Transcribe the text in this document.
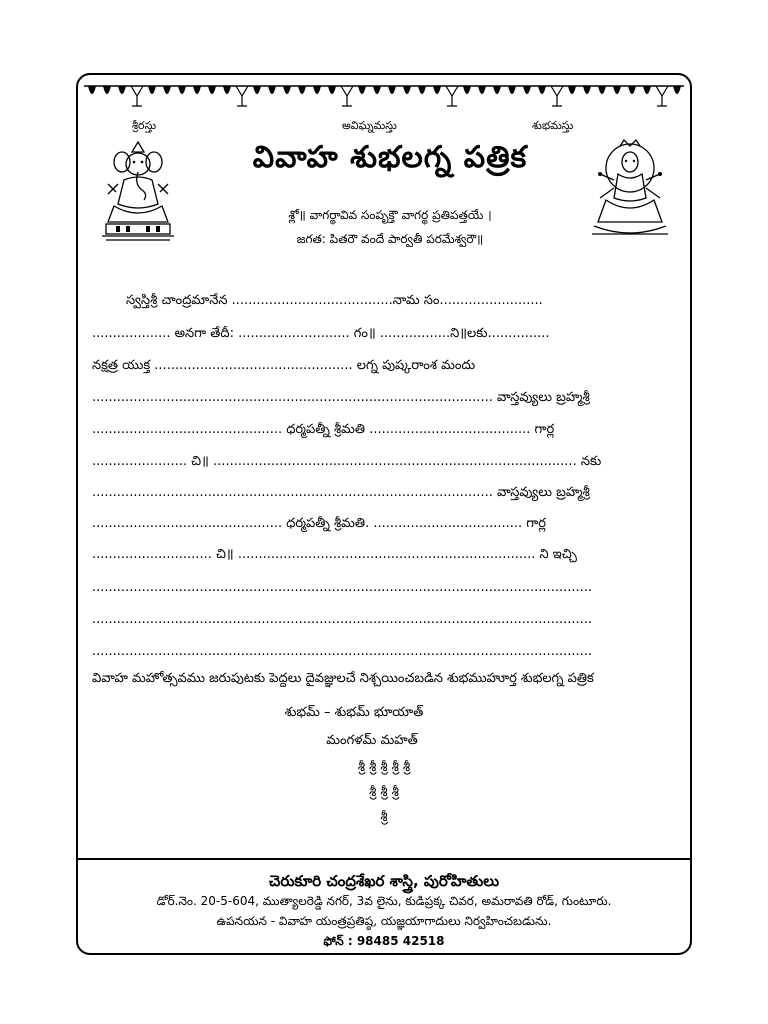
శ్రీరస్తు	అవిఘ్నమస్తు	శుభమస్తు
వివాహ శుభలగ్న పత్రిక
శ్లో॥ వాగర్థావివ సంపృక్తౌ వాగర్థ ప్రతిపత్తయే ।
జగత: పితరౌ వందే పార్వతీ పరమేశ్వరౌ॥
స్వస్తిశ్రీ చాంద్రమానేన .......................................నామ సం.........................
................... అనగా తేదీ: ........................... గం॥ .................ని॥లకు...............
నక్షత్ర యుక్త ................................................ లగ్న పుష్కరాంశ మందు
................................................................................................. వాస్తవ్యులు బ్రహ్మశ్రీ
.............................................. ధర్మపత్నీ శ్రీమతి ....................................... గార్ల
....................... చి॥ ........................................................................................ నకు
................................................................................................. వాస్తవ్యులు బ్రహ్మశ్రీ
.............................................. ధర్మపత్నీ శ్రీమతి. .................................... గార్ల
............................. చి॥ ........................................................................ ని ఇచ్చి
.........................................................................................................................
.........................................................................................................................
.........................................................................................................................
వివాహ మహోత్సవము జరుపుటకు పెద్దలు దైవజ్ఞులచే నిశ్చయించబడిన శుభముహూర్త శుభలగ్న పత్రిక
శుభమ్ – శుభమ్ భూయాత్
మంగళమ్ మహత్
శ్రీ శ్రీ శ్రీ శ్రీ శ్రీ
శ్రీ శ్రీ శ్రీ
శ్రీ
చెరుకూరి చంద్రశేఖర శాస్త్రి, పురోహితులు
డోర్.నెం. 20-5-604, ముత్యాలరెడ్డి నగర్, 3వ లైను, కుడిప్రక్క చివర, అమరావతి రోడ్, గుంటూరు.
ఉపనయన - వివాహ యంత్రప్రతిష్ఠ, యజ్ఞయాగాదులు నిర్వహించబడును.
ఫోన్ : 98485 42518
